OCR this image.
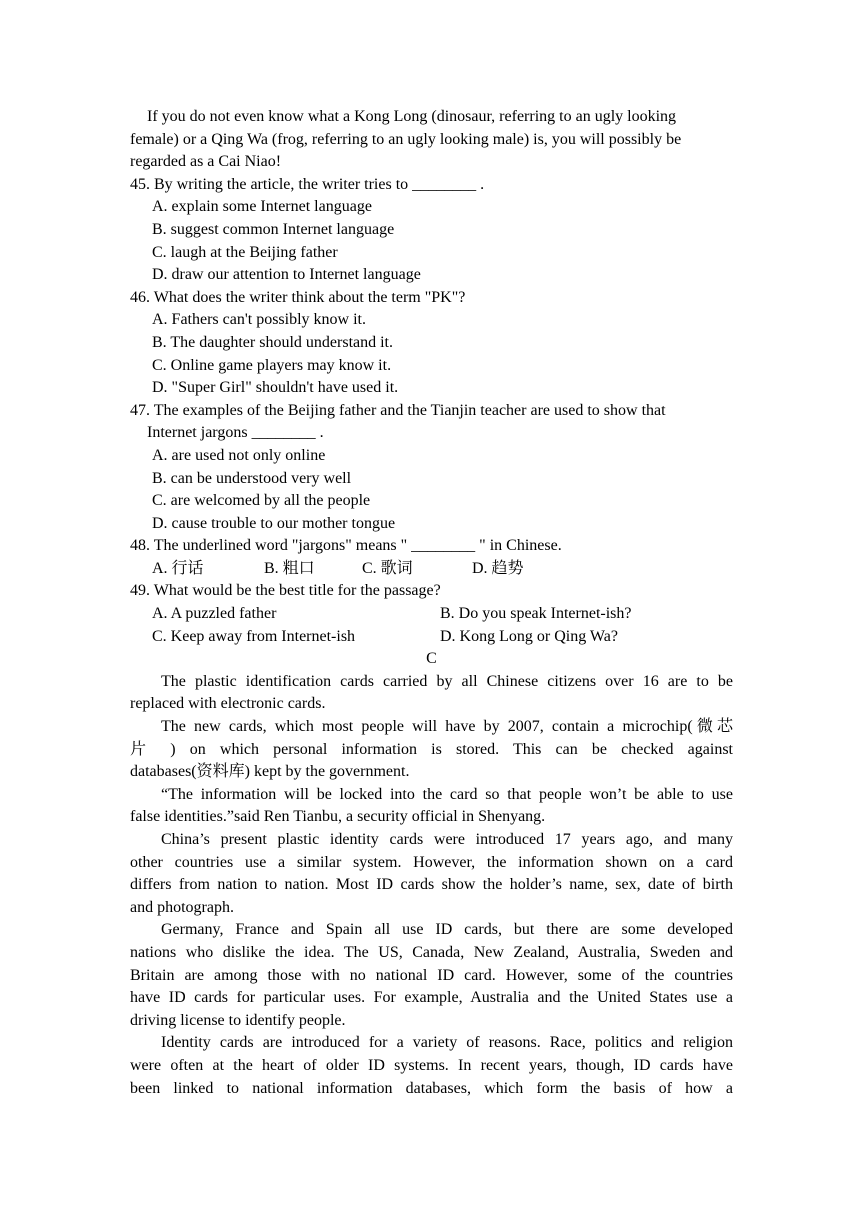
If you do not even know what a Kong Long (dinosaur, referring to an ugly looking
female) or a Qing Wa (frog, referring to an ugly looking male) is, you will possibly be
regarded as a Cai Niao!
45. By writing the article, the writer tries to ________ .
A. explain some Internet language
B. suggest common Internet language
C. laugh at the Beijing father
D. draw our attention to Internet language
46. What does the writer think about the term "PK"?
A. Fathers can't possibly know it.
B. The daughter should understand it.
C. Online game players may know it.
D. "Super Girl" shouldn't have used it.
47. The examples of the Beijing father and the Tianjin teacher are used to show that
Internet jargons ________ .
A. are used not only online
B. can be understood very well
C. are welcomed by all the people
D. cause trouble to our mother tongue
48. The underlined word "jargons" means " ________ " in Chinese.
A. 行话	B. 粗口	C. 歌词	D. 趋势
49. What would be the best title for the passage?
A. A puzzled father	B. Do you speak Internet-ish?
C. Keep away from Internet-ish	D. Kong Long or Qing Wa?
C
The plastic identification cards carried by all Chinese citizens over 16 are to be
replaced with electronic cards.
The new cards, which most people will have by 2007, contain a microchip(微芯
片 ) on which personal information is stored. This can be checked against
databases(资料库) kept by the government.
“The information will be locked into the card so that people won’t be able to use
false identities.”said Ren Tianbu, a security official in Shenyang.
China’s present plastic identity cards were introduced 17 years ago, and many
other countries use a similar system. However, the information shown on a card
differs from nation to nation. Most ID cards show the holder’s name, sex, date of birth
and photograph.
Germany, France and Spain all use ID cards, but there are some developed
nations who dislike the idea. The US, Canada, New Zealand, Australia, Sweden and
Britain are among those with no national ID card. However, some of the countries
have ID cards for particular uses. For example, Australia and the United States use a
driving license to identify people.
Identity cards are introduced for a variety of reasons. Race, politics and religion
were often at the heart of older ID systems. In recent years, though, ID cards have
been linked to national information databases, which form the basis of how a
